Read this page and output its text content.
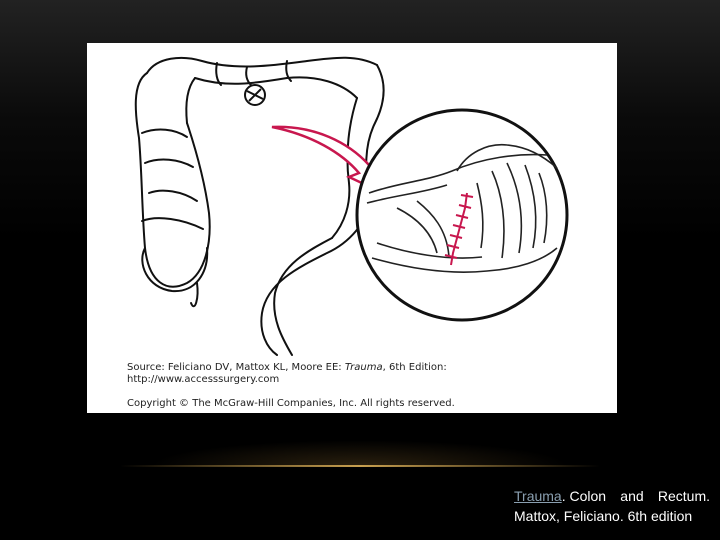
Source: Feliciano DV, Mattox KL, Moore EE: Trauma, 6th Edition:
http://www.accesssurgery.com
Copyright © The McGraw-Hill Companies, Inc. All rights reserved.
Trauma. Colon and Rectum.
Mattox, Feliciano. 6th edition
